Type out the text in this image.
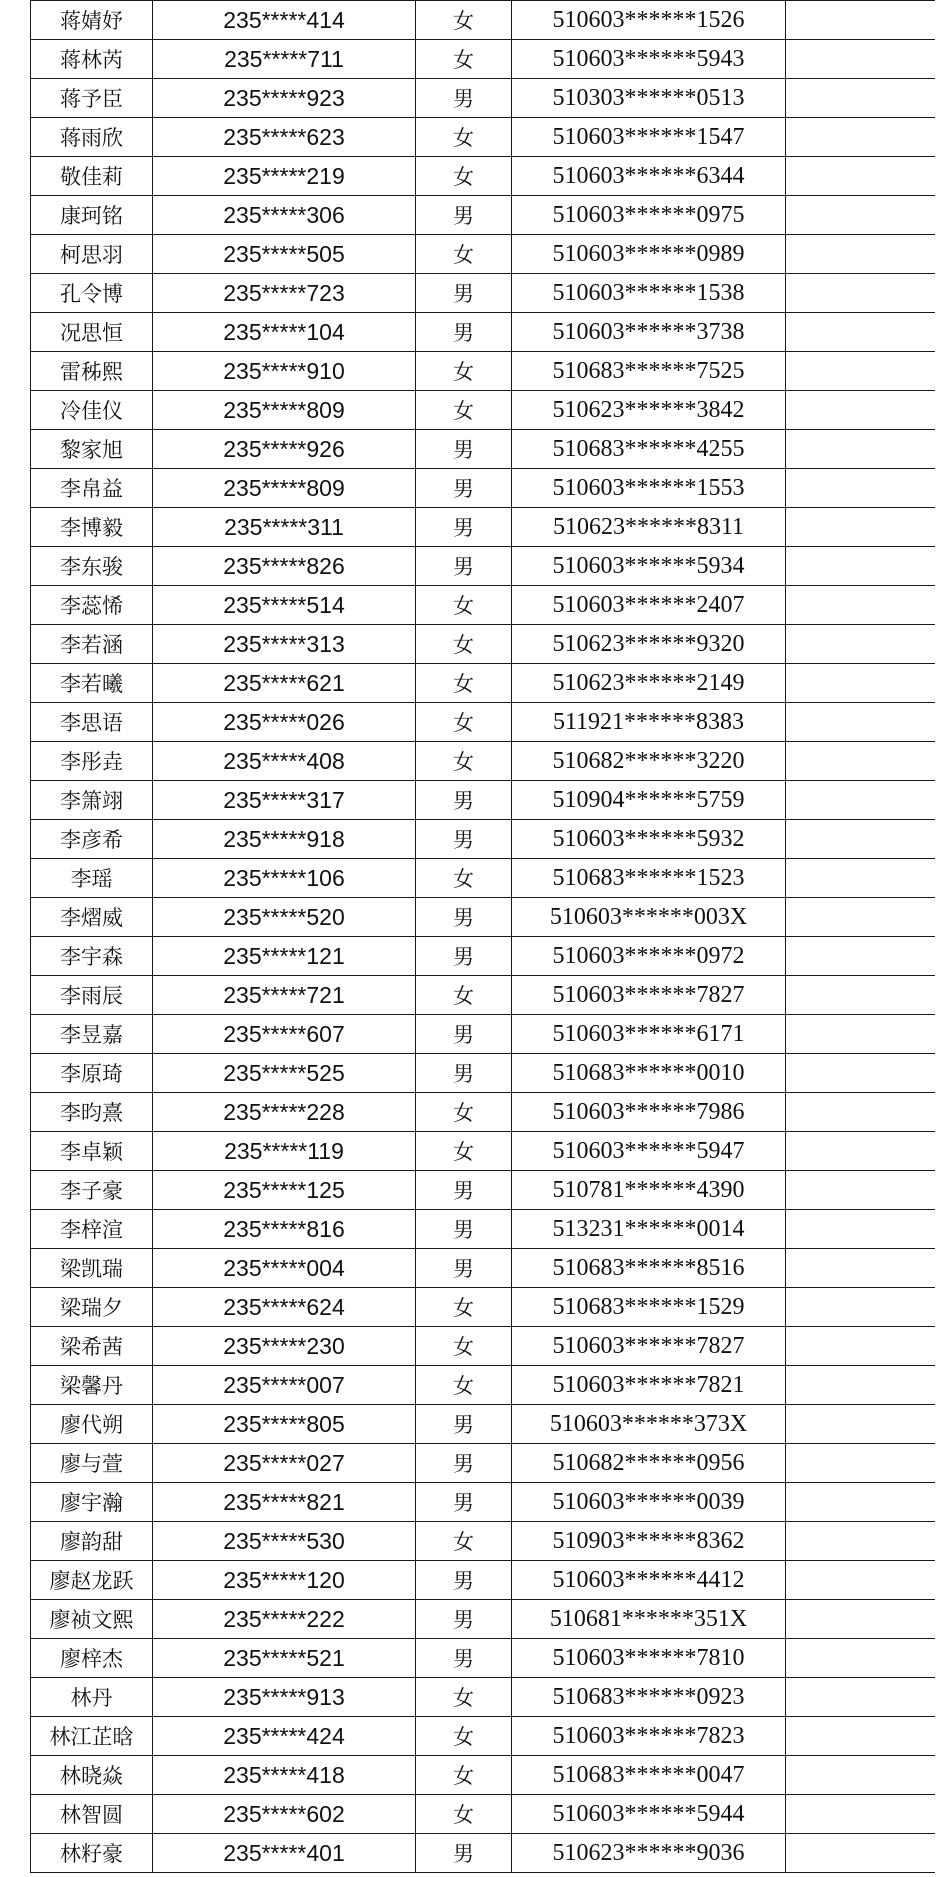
蒋婧妤	235*****414	女	510603******1526	
蒋林芮	235*****711	女	510603******5943	
蒋予臣	235*****923	男	510303******0513	
蒋雨欣	235*****623	女	510603******1547	
敬佳莉	235*****219	女	510603******6344	
康珂铭	235*****306	男	510603******0975	
柯思羽	235*****505	女	510603******0989	
孔令博	235*****723	男	510603******1538	
况思恒	235*****104	男	510603******3738	
雷秭熙	235*****910	女	510683******7525	
冷佳仪	235*****809	女	510623******3842	
黎家旭	235*****926	男	510683******4255	
李帛益	235*****809	男	510603******1553	
李博毅	235*****311	男	510623******8311	
李东骏	235*****826	男	510603******5934	
李蕊悕	235*****514	女	510603******2407	
李若涵	235*****313	女	510623******9320	
李若曦	235*****621	女	510623******2149	
李思语	235*****026	女	511921******8383	
李彤垚	235*****408	女	510682******3220	
李箫翊	235*****317	男	510904******5759	
李彦希	235*****918	男	510603******5932	
李瑶	235*****106	女	510683******1523	
李熠威	235*****520	男	510603******003X	
李宇森	235*****121	男	510603******0972	
李雨辰	235*****721	女	510603******7827	
李昱嘉	235*****607	男	510603******6171	
李原琦	235*****525	男	510683******0010	
李昀熹	235*****228	女	510603******7986	
李卓颖	235*****119	女	510603******5947	
李子豪	235*****125	男	510781******4390	
李梓渲	235*****816	男	513231******0014	
梁凯瑞	235*****004	男	510683******8516	
梁瑞夕	235*****624	女	510683******1529	
梁希茜	235*****230	女	510603******7827	
梁馨丹	235*****007	女	510603******7821	
廖代朔	235*****805	男	510603******373X	
廖与萱	235*****027	男	510682******0956	
廖宇瀚	235*****821	男	510603******0039	
廖韵甜	235*****530	女	510903******8362	
廖赵龙跃	235*****120	男	510603******4412	
廖祯文熙	235*****222	男	510681******351X	
廖梓杰	235*****521	男	510603******7810	
林丹	235*****913	女	510683******0923	
林江芷晗	235*****424	女	510603******7823	
林晓焱	235*****418	女	510683******0047	
林智圆	235*****602	女	510603******5944	
林籽豪	235*****401	男	510623******9036	
